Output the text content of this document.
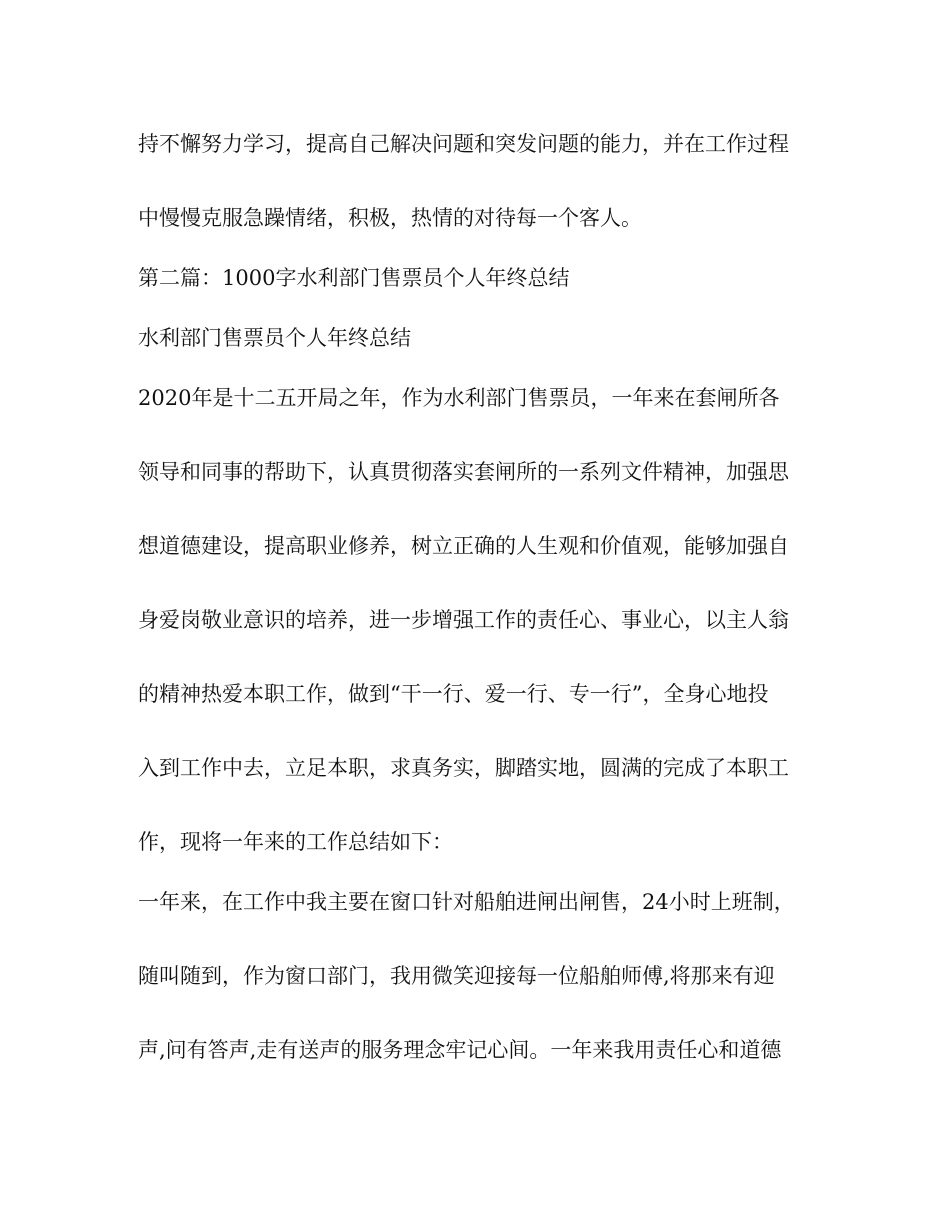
持不懈努力学习，提高自己解决问题和突发问题的能力，并在工作过程
中慢慢克服急躁情绪，积极，热情的对待每一个客人。
第二篇：1000字水利部门售票员个人年终总结
水利部门售票员个人年终总结
2020年是十二五开局之年，作为水利部门售票员，一年来在套闸所各
领导和同事的帮助下，认真贯彻落实套闸所的一系列文件精神，加强思
想道德建设，提高职业修养，树立正确的人生观和价值观，能够加强自
身爱岗敬业意识的培养，进一步增强工作的责任心、事业心，以主人翁
的精神热爱本职工作，做到“干一行、爱一行、专一行”，全身心地投
入到工作中去，立足本职，求真务实，脚踏实地，圆满的完成了本职工
作，现将一年来的工作总结如下：
一年来，在工作中我主要在窗口针对船舶进闸出闸售，24小时上班制，
随叫随到，作为窗口部门，我用微笑迎接每一位船舶师傅,将那来有迎
声,问有答声,走有送声的服务理念牢记心间。一年来我用责任心和道德
